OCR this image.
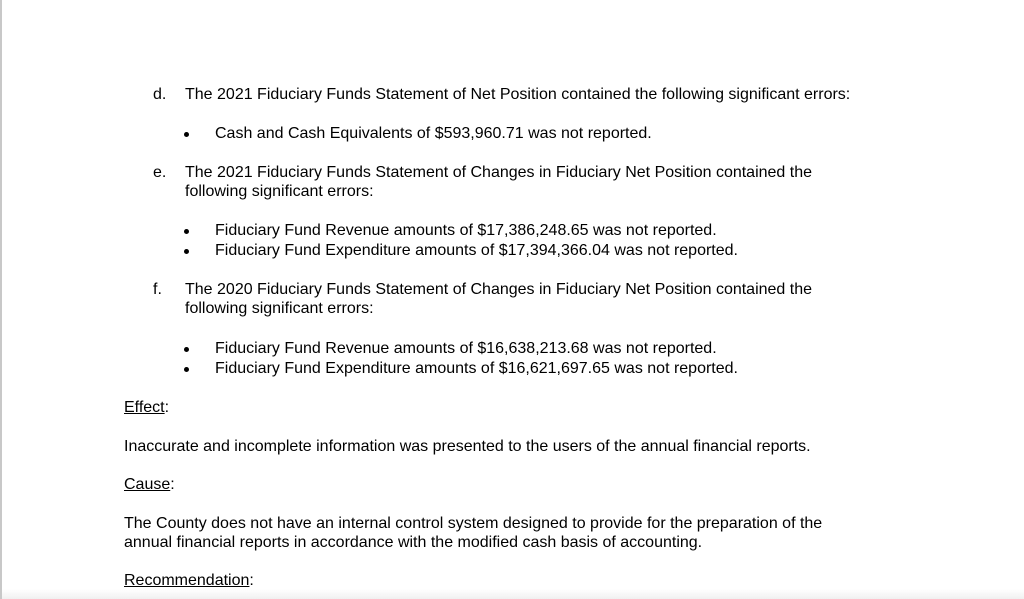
d. The 2021 Fiduciary Funds Statement of Net Position contained the following significant errors:
Cash and Cash Equivalents of $593,960.71 was not reported.
e. The 2021 Fiduciary Funds Statement of Changes in Fiduciary Net Position contained the
following significant errors:
Fiduciary Fund Revenue amounts of $17,386,248.65 was not reported.
Fiduciary Fund Expenditure amounts of $17,394,366.04 was not reported.
f. The 2020 Fiduciary Funds Statement of Changes in Fiduciary Net Position contained the
following significant errors:
Fiduciary Fund Revenue amounts of $16,638,213.68 was not reported.
Fiduciary Fund Expenditure amounts of $16,621,697.65 was not reported.
Effect:
Inaccurate and incomplete information was presented to the users of the annual financial reports.
Cause:
The County does not have an internal control system designed to provide for the preparation of the
annual financial reports in accordance with the modified cash basis of accounting.
Recommendation:
